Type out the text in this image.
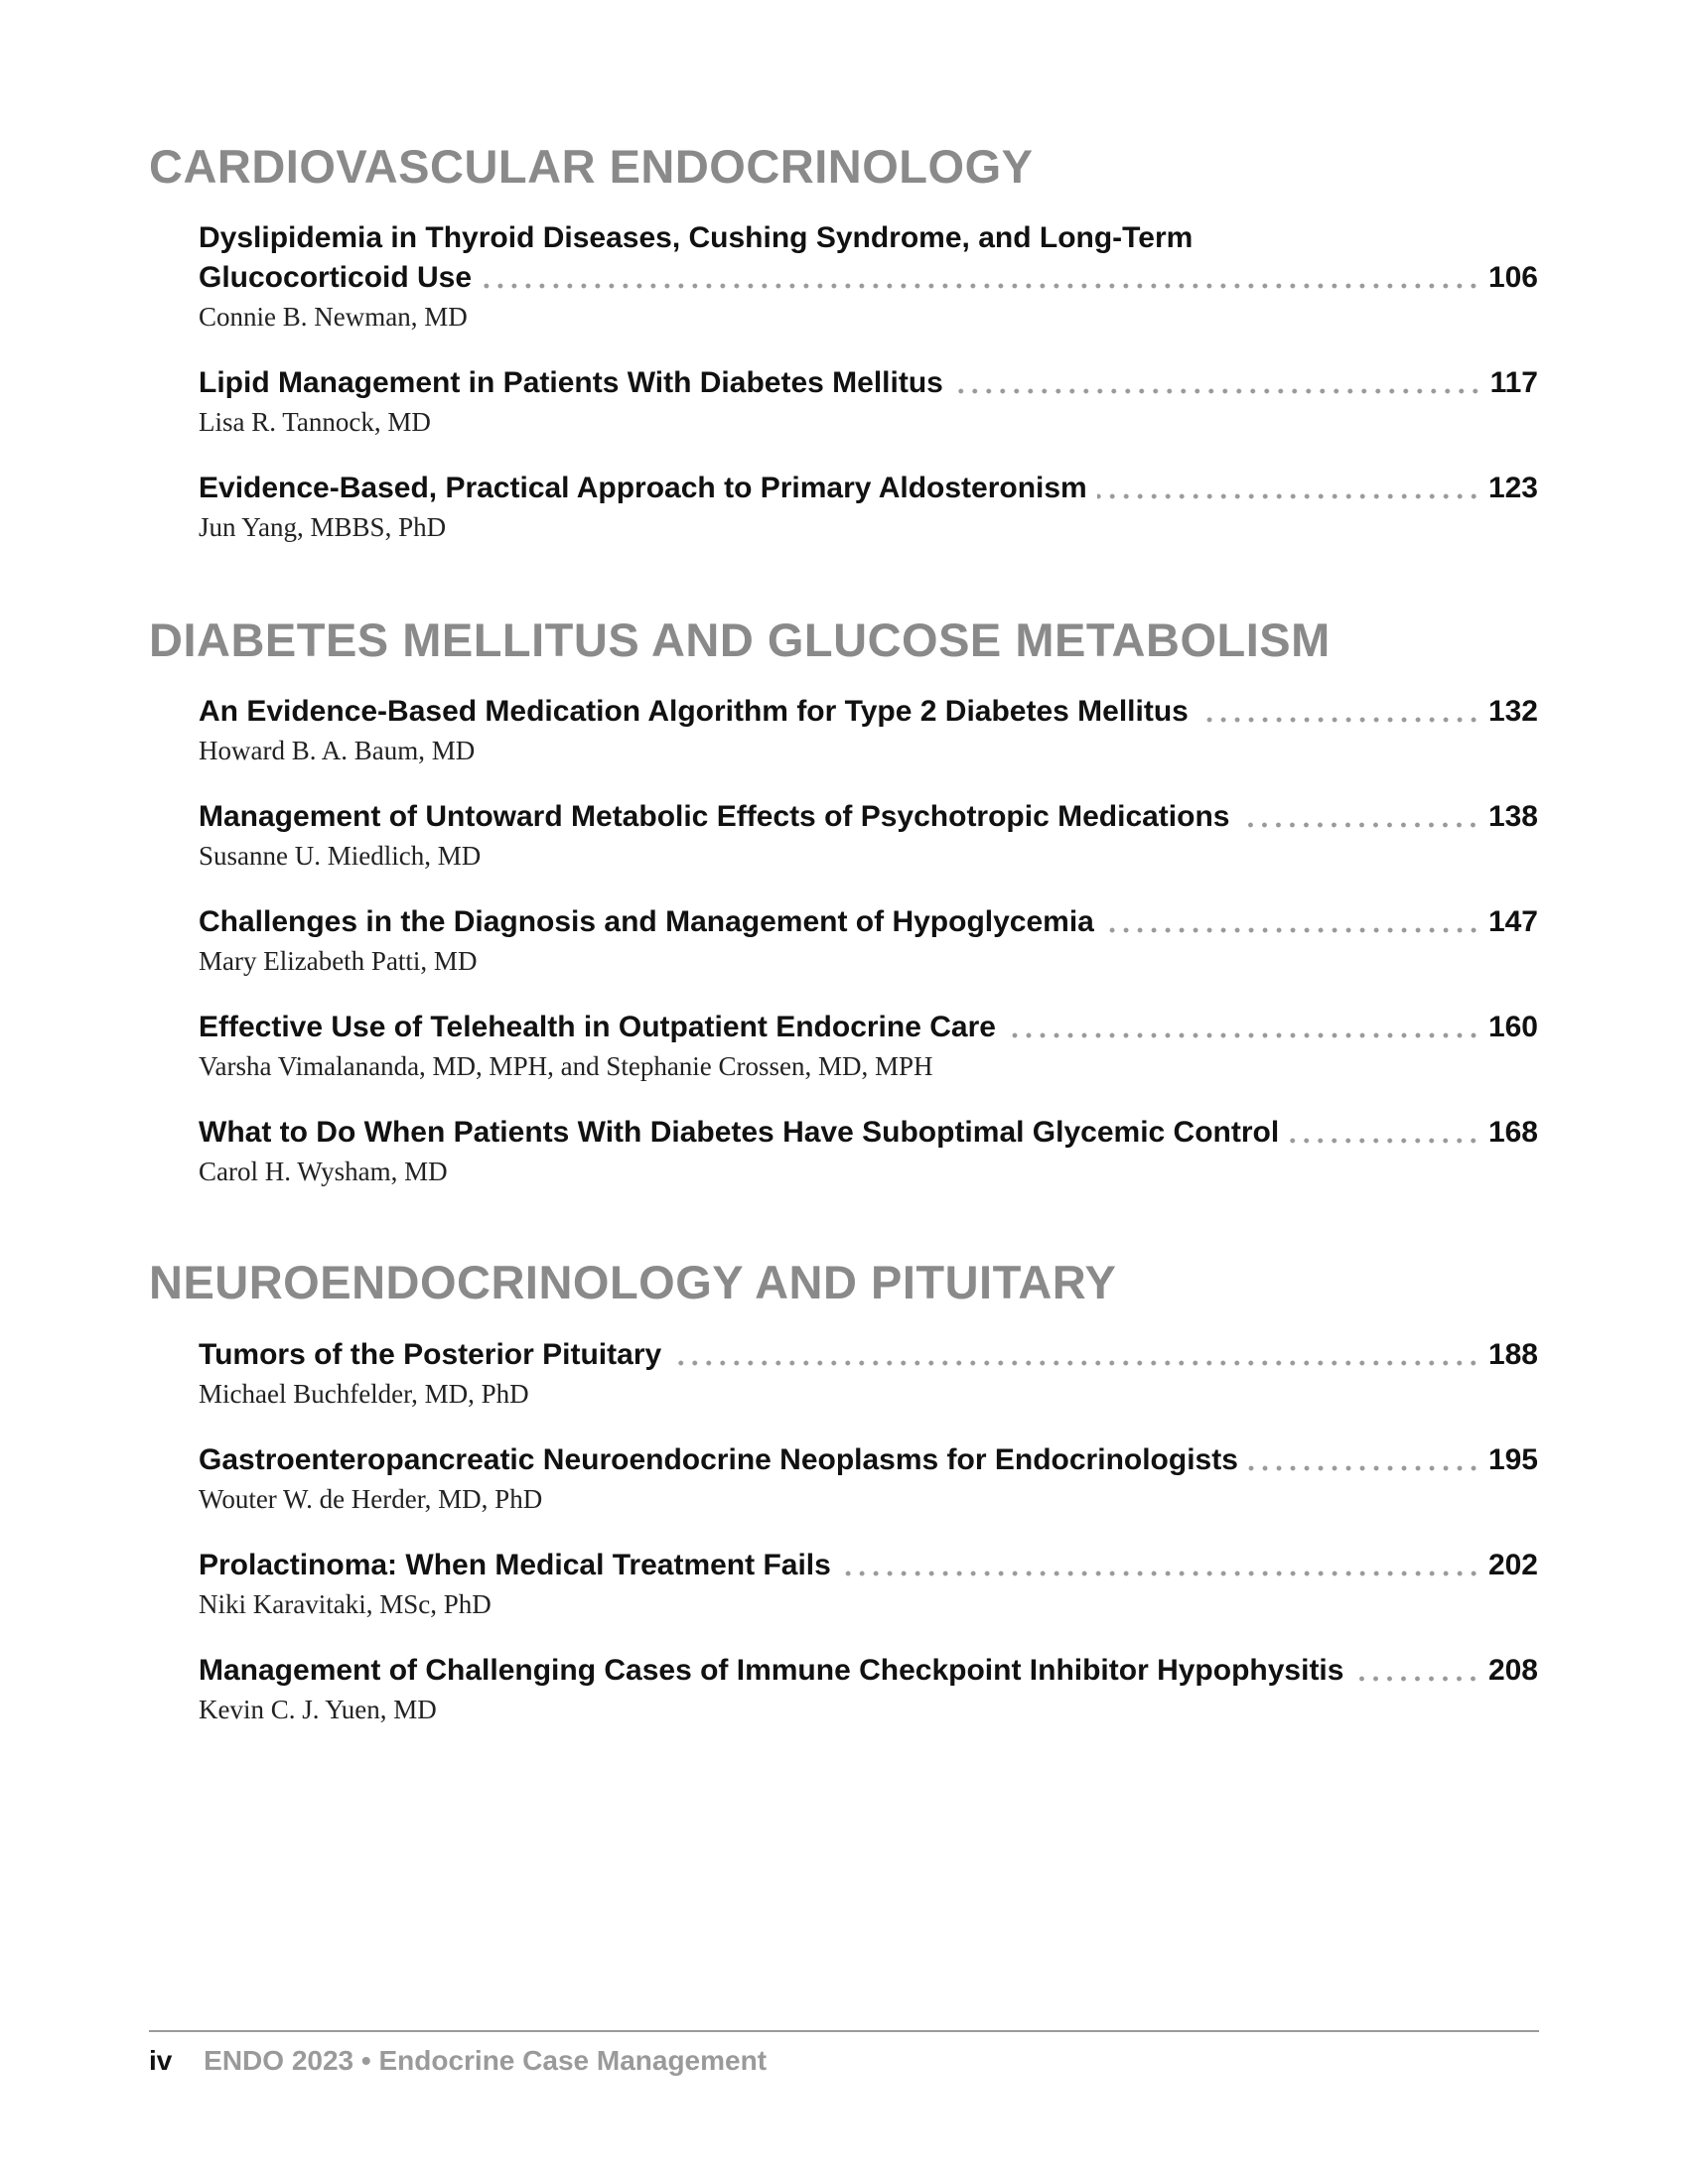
CARDIOVASCULAR ENDOCRINOLOGY
Dyslipidemia in Thyroid Diseases, Cushing Syndrome, and Long-Term
Glucocorticoid Use	106
Connie B. Newman, MD
Lipid Management in Patients With Diabetes Mellitus	117
Lisa R. Tannock, MD
Evidence-Based, Practical Approach to Primary Aldosteronism	123
Jun Yang, MBBS, PhD
DIABETES MELLITUS AND GLUCOSE METABOLISM
An Evidence-Based Medication Algorithm for Type 2 Diabetes Mellitus	132
Howard B. A. Baum, MD
Management of Untoward Metabolic Effects of Psychotropic Medications	138
Susanne U. Miedlich, MD
Challenges in the Diagnosis and Management of Hypoglycemia	147
Mary Elizabeth Patti, MD
Effective Use of Telehealth in Outpatient Endocrine Care	160
Varsha Vimalananda, MD, MPH, and Stephanie Crossen, MD, MPH
What to Do When Patients With Diabetes Have Suboptimal Glycemic Control	168
Carol H. Wysham, MD
NEUROENDOCRINOLOGY AND PITUITARY
Tumors of the Posterior Pituitary	188
Michael Buchfelder, MD, PhD
Gastroenteropancreatic Neuroendocrine Neoplasms for Endocrinologists	195
Wouter W. de Herder, MD, PhD
Prolactinoma: When Medical Treatment Fails	202
Niki Karavitaki, MSc, PhD
Management of Challenging Cases of Immune Checkpoint Inhibitor Hypophysitis	208
Kevin C. J. Yuen, MD
iv ENDO 2023 • Endocrine Case Management
